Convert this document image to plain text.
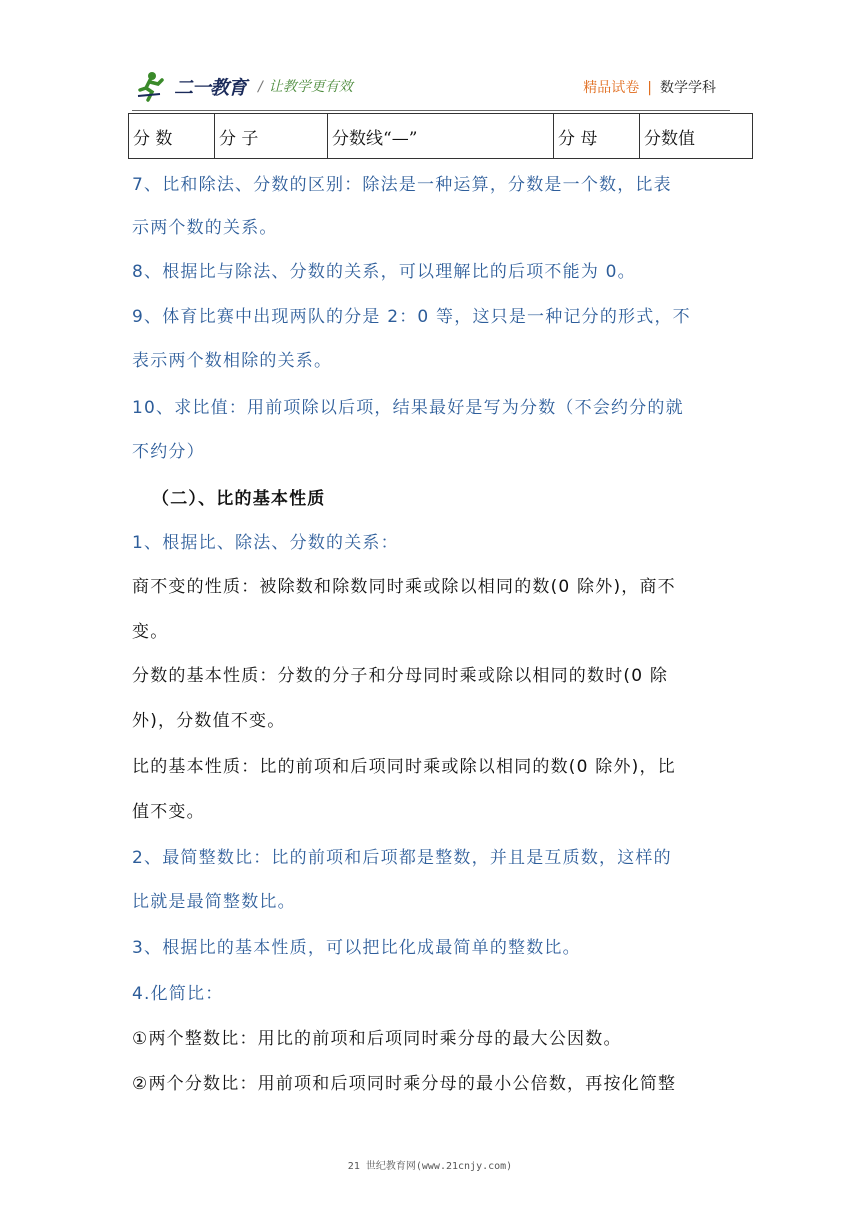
二一教育 / 让教学更有效	精品试卷 | 数学学科
分 数	分 子	分数线“—”	分 母	分数值
7、比和除法、分数的区别：除法是一种运算，分数是一个数，比表
示两个数的关系。
8、根据比与除法、分数的关系，可以理解比的后项不能为 0。
9、体育比赛中出现两队的分是 2：0 等，这只是一种记分的形式，不
表示两个数相除的关系。
10、求比值：用前项除以后项，结果最好是写为分数（不会约分的就
不约分）
（二）、比的基本性质
1、根据比、除法、分数的关系：
商不变的性质：被除数和除数同时乘或除以相同的数(0 除外)，商不
变。
分数的基本性质：分数的分子和分母同时乘或除以相同的数时(0 除
外)，分数值不变。
比的基本性质：比的前项和后项同时乘或除以相同的数(0 除外)，比
值不变。
2、最简整数比：比的前项和后项都是整数，并且是互质数，这样的
比就是最简整数比。
3、根据比的基本性质，可以把比化成最简单的整数比。
4.化简比：
①两个整数比：用比的前项和后项同时乘分母的最大公因数。
②两个分数比：用前项和后项同时乘分母的最小公倍数，再按化简整
21 世纪教育网(www.21cnjy.com)
